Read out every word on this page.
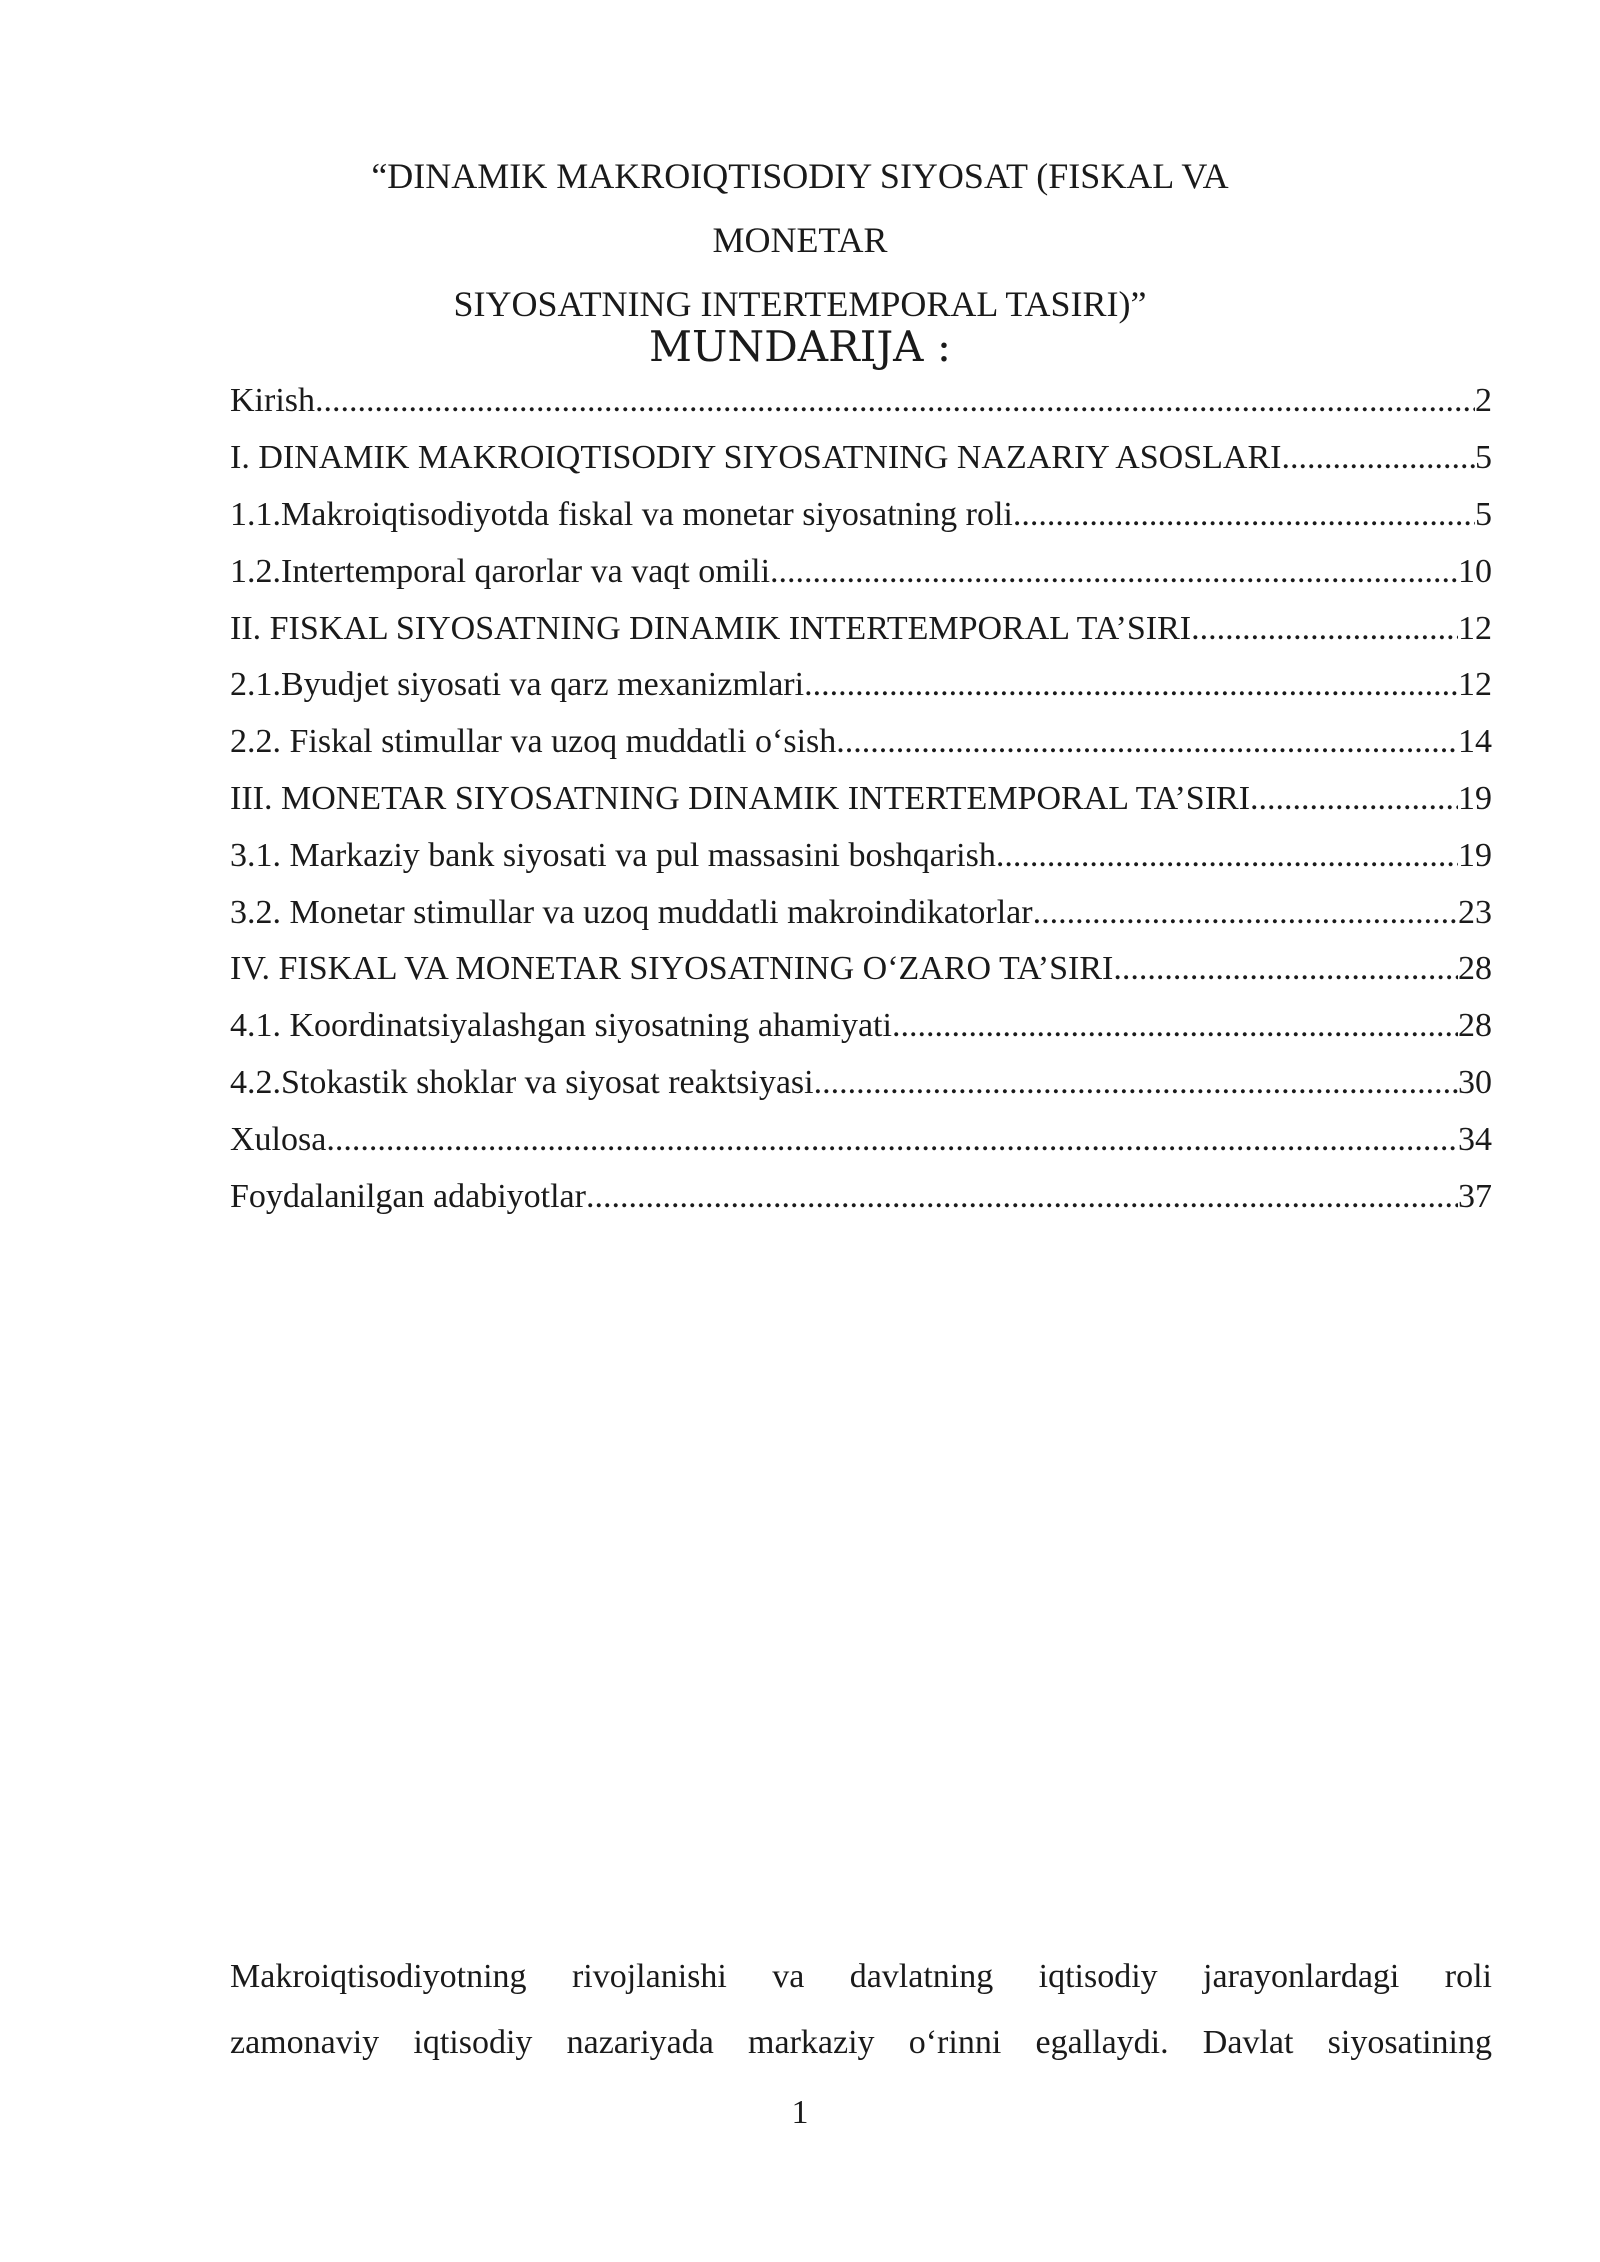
“DINAMIK MAKROIQTISODIY SIYOSAT (FISKAL VA MONETAR
SIYOSATNING INTERTEMPORAL TASIRI)”
MUNDARIJA :
Kirish .....	2
I. DINAMIK MAKROIQTISODIY SIYOSATNING NAZARIY ASOSLARI .....	5
1.1.Makroiqtisodiyotda fiskal va monetar siyosatning roli .....	5
1.2.Intertemporal qarorlar va vaqt omili .....	10
II. FISKAL SIYOSATNING DINAMIK INTERTEMPORAL TA’SIRI .....	12
2.1.Byudjet siyosati va qarz mexanizmlari .....	12
2.2. Fiskal stimullar va uzoq muddatli o‘sish .....	14
III. MONETAR SIYOSATNING DINAMIK INTERTEMPORAL TA’SIRI .....	19
3.1. Markaziy bank siyosati va pul massasini boshqarish .....	19
3.2. Monetar stimullar va uzoq muddatli makroindikatorlar .....	23
IV. FISKAL VA MONETAR SIYOSATNING O‘ZARO TA’SIRI .....	28
4.1. Koordinatsiyalashgan siyosatning ahamiyati .....	28
4.2.Stokastik shoklar va siyosat reaktsiyasi .....	30
Xulosa .....	34
Foydalanilgan adabiyotlar .....	37
Makroiqtisodiyotning rivojlanishi va davlatning iqtisodiy jarayonlardagi roli
zamonaviy iqtisodiy nazariyada markaziy o‘rinni egallaydi. Davlat siyosatining
1
